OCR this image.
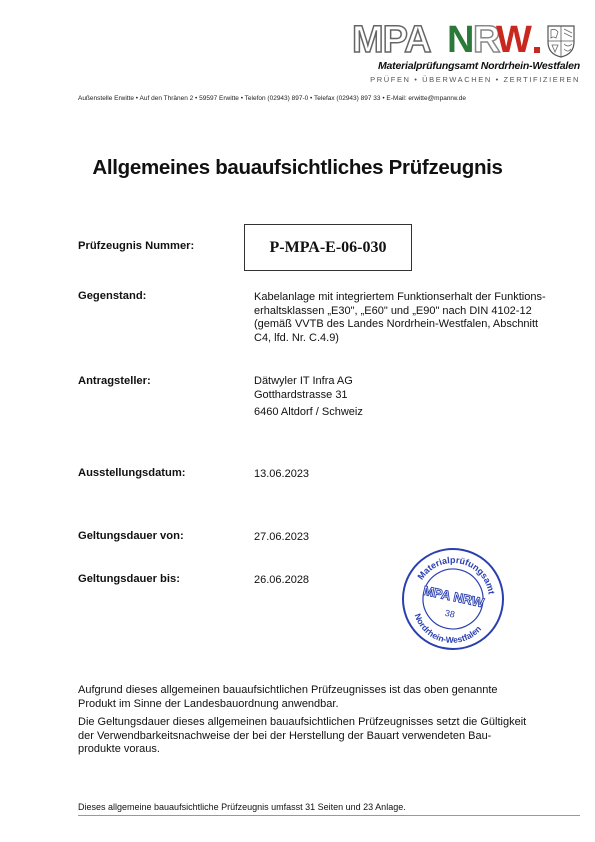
MPA N R
W
Materialprüfungsamt Nordrhein-Westfalen
PRÜFEN • ÜBERWACHEN • ZERTIFIZIEREN
Außenstelle Erwitte • Auf den Thränen 2 • 59597 Erwitte • Telefon (02943) 897-0 • Telefax (02943) 897 33 • E-Mail: erwitte@mpanrw.de
Allgemeines bauaufsichtliches Prüfzeugnis
Prüfzeugnis Nummer:	P-MPA-E-06-030
Gegenstand:	Kabelanlage mit integriertem Funktionserhalt der Funktions-
erhaltsklassen „E30", „E60" und „E90" nach DIN 4102-12
(gemäß VVTB des Landes Nordrhein-Westfalen, Abschnitt
C4, lfd. Nr. C.4.9)
Antragsteller:	Dätwyler IT Infra AG
Gotthardstrasse 31
6460 Altdorf / Schweiz
Ausstellungsdatum:	13.06.2023
Geltungsdauer von:	27.06.2023
Geltungsdauer bis:	26.06.2028	Materialprüfungsamt
MPA NRW
38
Nordrhein-Westfalen
Aufgrund dieses allgemeinen bauaufsichtlichen Prüfzeugnisses ist das oben genannte
Produkt im Sinne der Landesbauordnung anwendbar.
Die Geltungsdauer dieses allgemeinen bauaufsichtlichen Prüfzeugnisses setzt die Gültigkeit
der Verwendbarkeitsnachweise der bei der Herstellung der Bauart verwendeten Bau-
produkte voraus.
Dieses allgemeine bauaufsichtliche Prüfzeugnis umfasst 31 Seiten und 23 Anlage.
